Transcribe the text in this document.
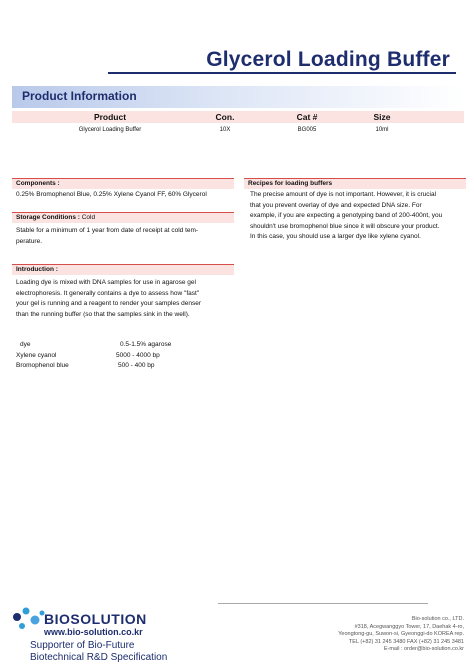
Glycerol Loading Buffer
Product Information
Product	Con.	Cat #	Size
Glycerol Loading Buffer	10X	BG005	10ml
Components :
0.25% Bromophenol Blue, 0.25% Xylene Cyanol FF, 60% Glycerol
Storage Conditions : Cold
Stable for a minimum of 1 year from date of receipt at cold tem-
perature.
Introduction :
Loading dye is mixed with DNA samples for use in agarose gel
electrophoresis. It generally contains a dye to assess how "fast"
your gel is running and a reagent to render your samples denser
than the running buffer (so that the samples sink in the well).
dye	0.5-1.5% agarose
Xylene cyanol	5000 - 4000 bp
Bromophenol blue	500 - 400 bp
Recipes for loading buffers
The precise amount of dye is not important. However, it is crucial
that you prevent overlay of dye and expected DNA size. For
example, if you are expecting a genotyping band of 200-400nt, you
shouldn't use bromophenol blue since it will obscure your product.
In this case, you should use a larger dye like xylene cyanol.
BIOSOLUTION
www.bio-solution.co.kr
Supporter of Bio-Future
Biotechnical R&D Specification
Bio-solution co., LTD.
#318, Acegwanggyo Tower, 17, Daehak 4-ro,
Yeongtong-gu, Suwon-si, Gyeonggi-do KOREA rep.
TEL (+82) 31 245 3480 FAX (+82) 31 245 3481
E-mail : order@bio-solution.co.kr
